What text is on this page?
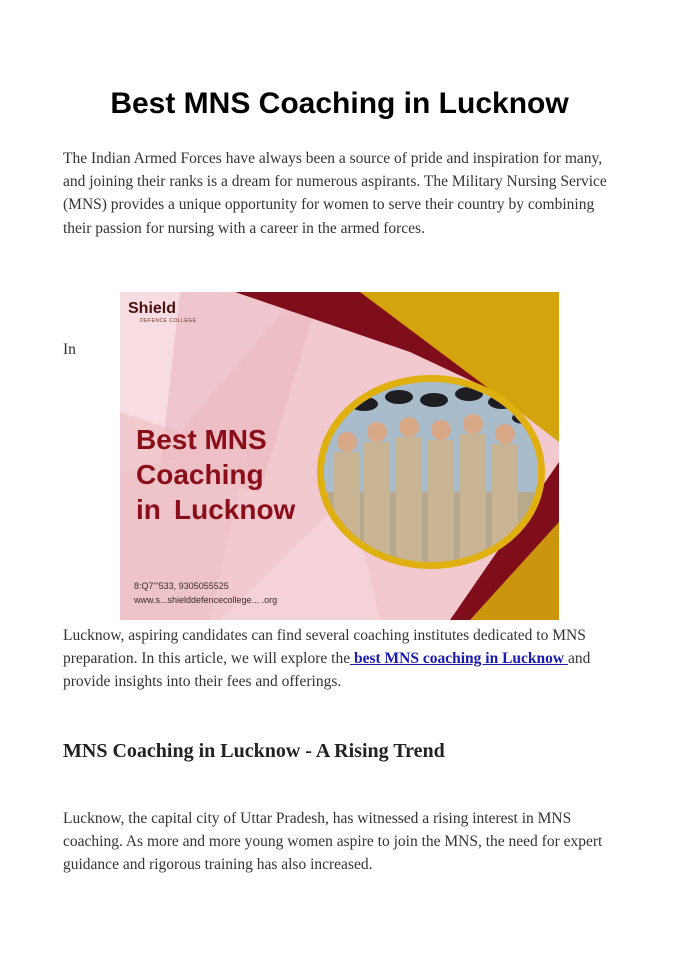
Best MNS Coaching in Lucknow

The Indian Armed Forces have always been a source of pride and inspiration for many, and joining their ranks is a dream for numerous aspirants. The Military Nursing Service (MNS) provides a unique opportunity for women to serve their country by combining their passion for nursing with a career in the armed forces.

In
Shield
DEFENCE COLLEGE
Best MNS
Coaching
in Lucknow
8:Q7'''533, 9305055525
www.s...shielddefencecollege... .org

Lucknow, aspiring candidates can find several coaching institutes dedicated to MNS preparation. In this article, we will explore the best MNS coaching in Lucknow and provide insights into their fees and offerings.

MNS Coaching in Lucknow - A Rising Trend

Lucknow, the capital city of Uttar Pradesh, has witnessed a rising interest in MNS coaching. As more and more young women aspire to join the MNS, the need for expert guidance and rigorous training has also increased.
